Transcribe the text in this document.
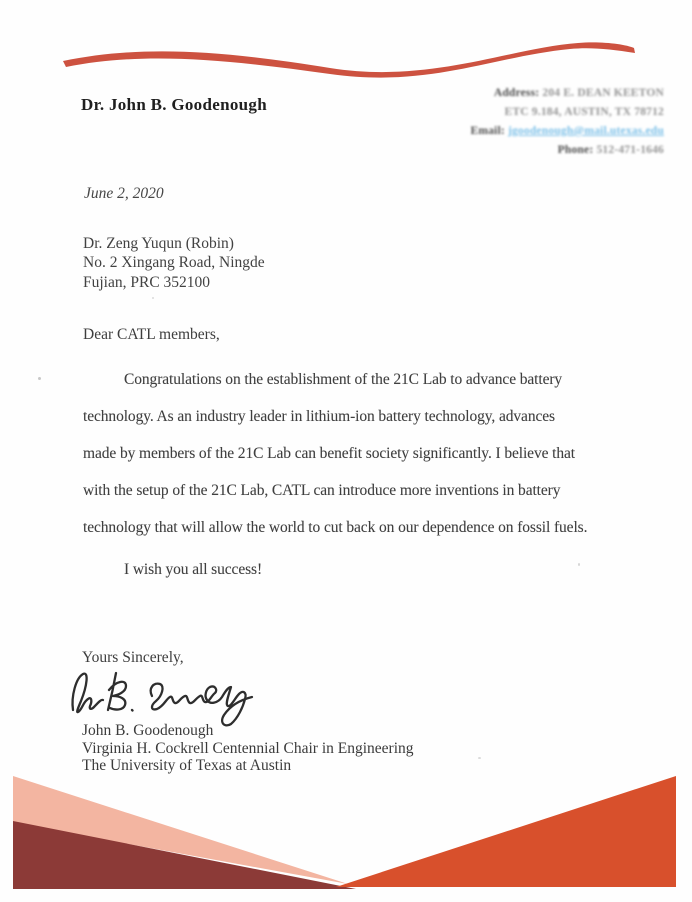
Dr. John B. Goodenough
Address: 204 E. DEAN KEETON
ETC 9.184, AUSTIN, TX 78712
Email: jgoodenough@mail.utexas.edu
Phone: 512-471-1646
June 2, 2020
Dr. Zeng Yuqun (Robin)
No. 2 Xingang Road, Ningde
Fujian, PRC 352100
Dear CATL members,
Congratulations on the establishment of the 21C Lab to advance battery
technology. As an industry leader in lithium-ion battery technology, advances
made by members of the 21C Lab can benefit society significantly. I believe that
with the setup of the 21C Lab, CATL can introduce more inventions in battery
technology that will allow the world to cut back on our dependence on fossil fuels.
I wish you all success!
Yours Sincerely,
John B. Goodenough
Virginia H. Cockrell Centennial Chair in Engineering
The University of Texas at Austin
